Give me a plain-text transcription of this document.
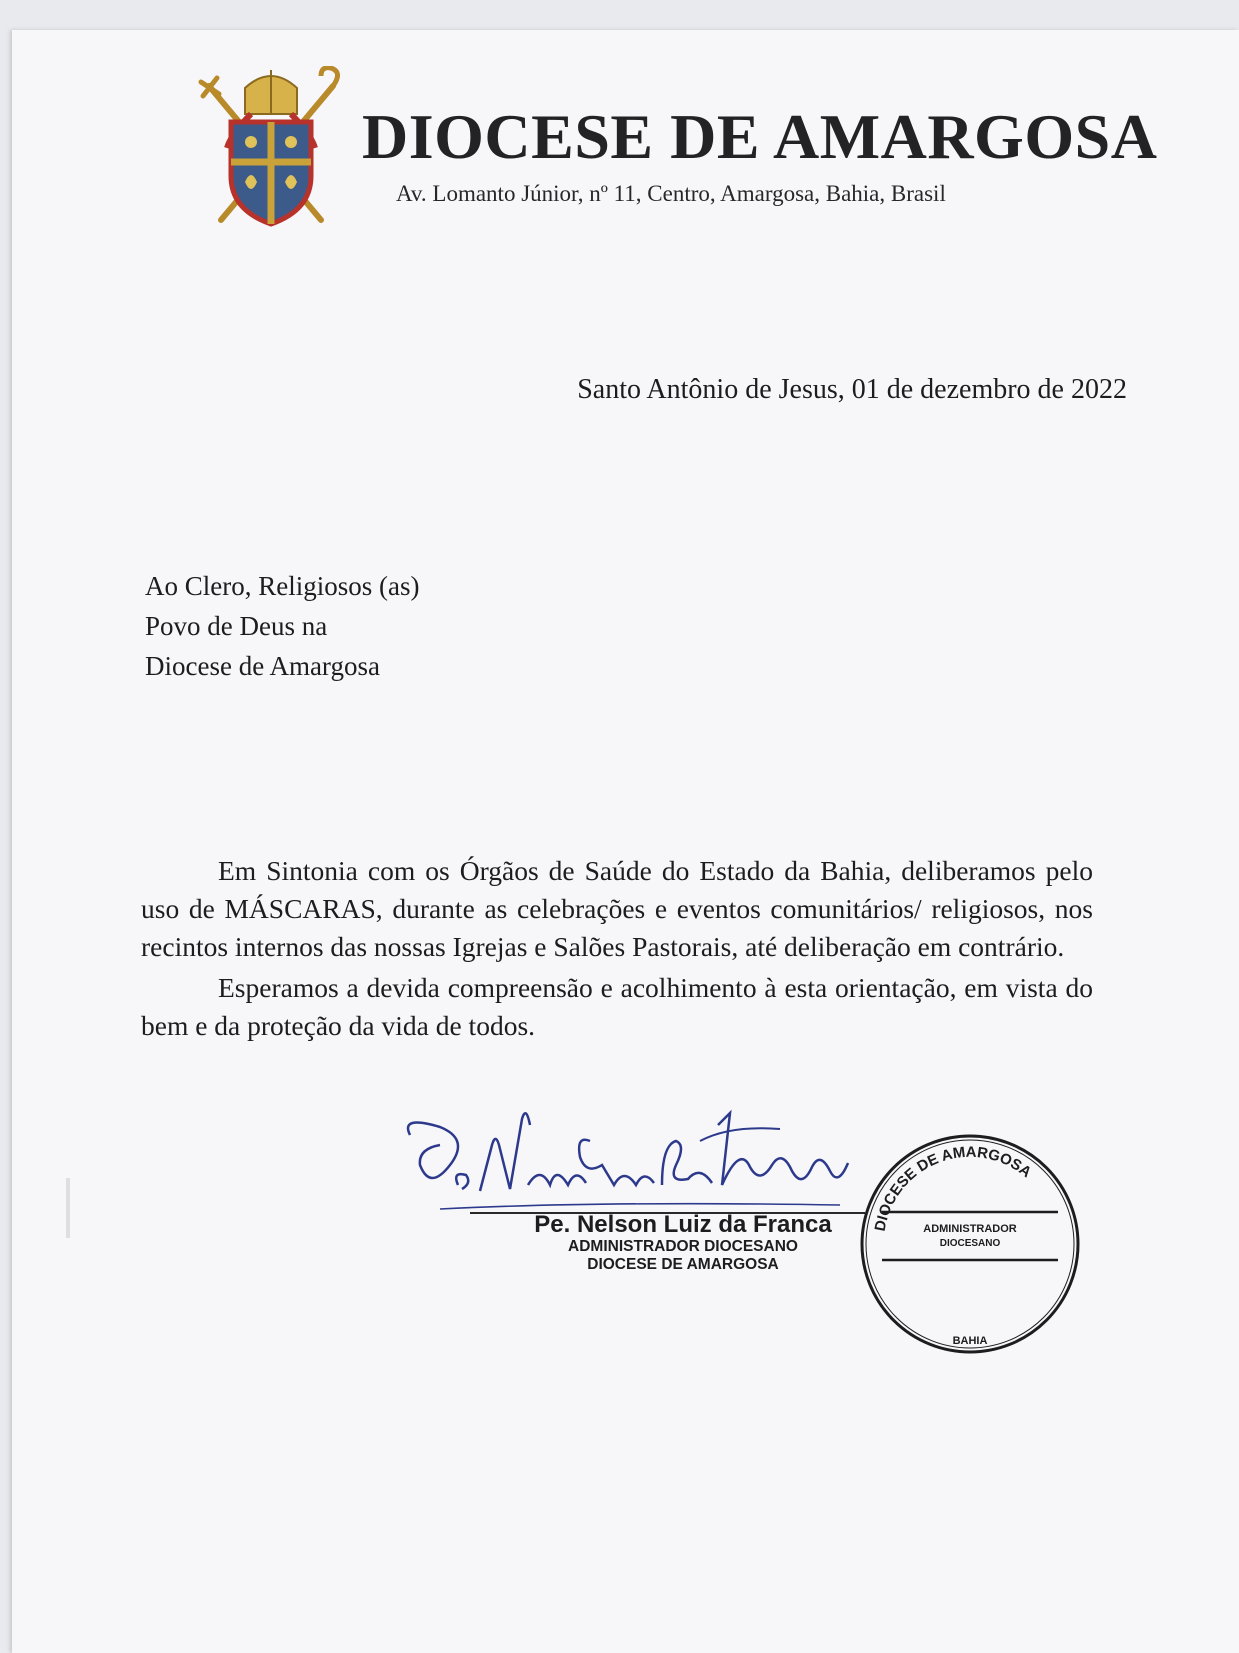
DIOCESE DE AMARGOSA
Av. Lomanto Júnior, nº 11, Centro, Amargosa, Bahia, Brasil
Santo Antônio de Jesus, 01 de dezembro de 2022
Ao Clero, Religiosos (as)
Povo de Deus na
Diocese de Amargosa

Em Sintonia com os Órgãos de Saúde do Estado da Bahia, deliberamos pelo uso de MÁSCARAS, durante as celebrações e eventos comunitários/ religiosos, nos recintos internos das nossas Igrejas e Salões Pastorais, até deliberação em contrário.

Esperamos a devida compreensão e acolhimento à esta orientação, em vista do bem e da proteção da vida de todos.

Pe. Nelson Luiz da Franca
ADMINISTRADOR DIOCESANO
DIOCESE DE AMARGOSA
DIOCESE DE AMARGOSA
ADMINISTRADOR
DIOCESANO
BAHIA
